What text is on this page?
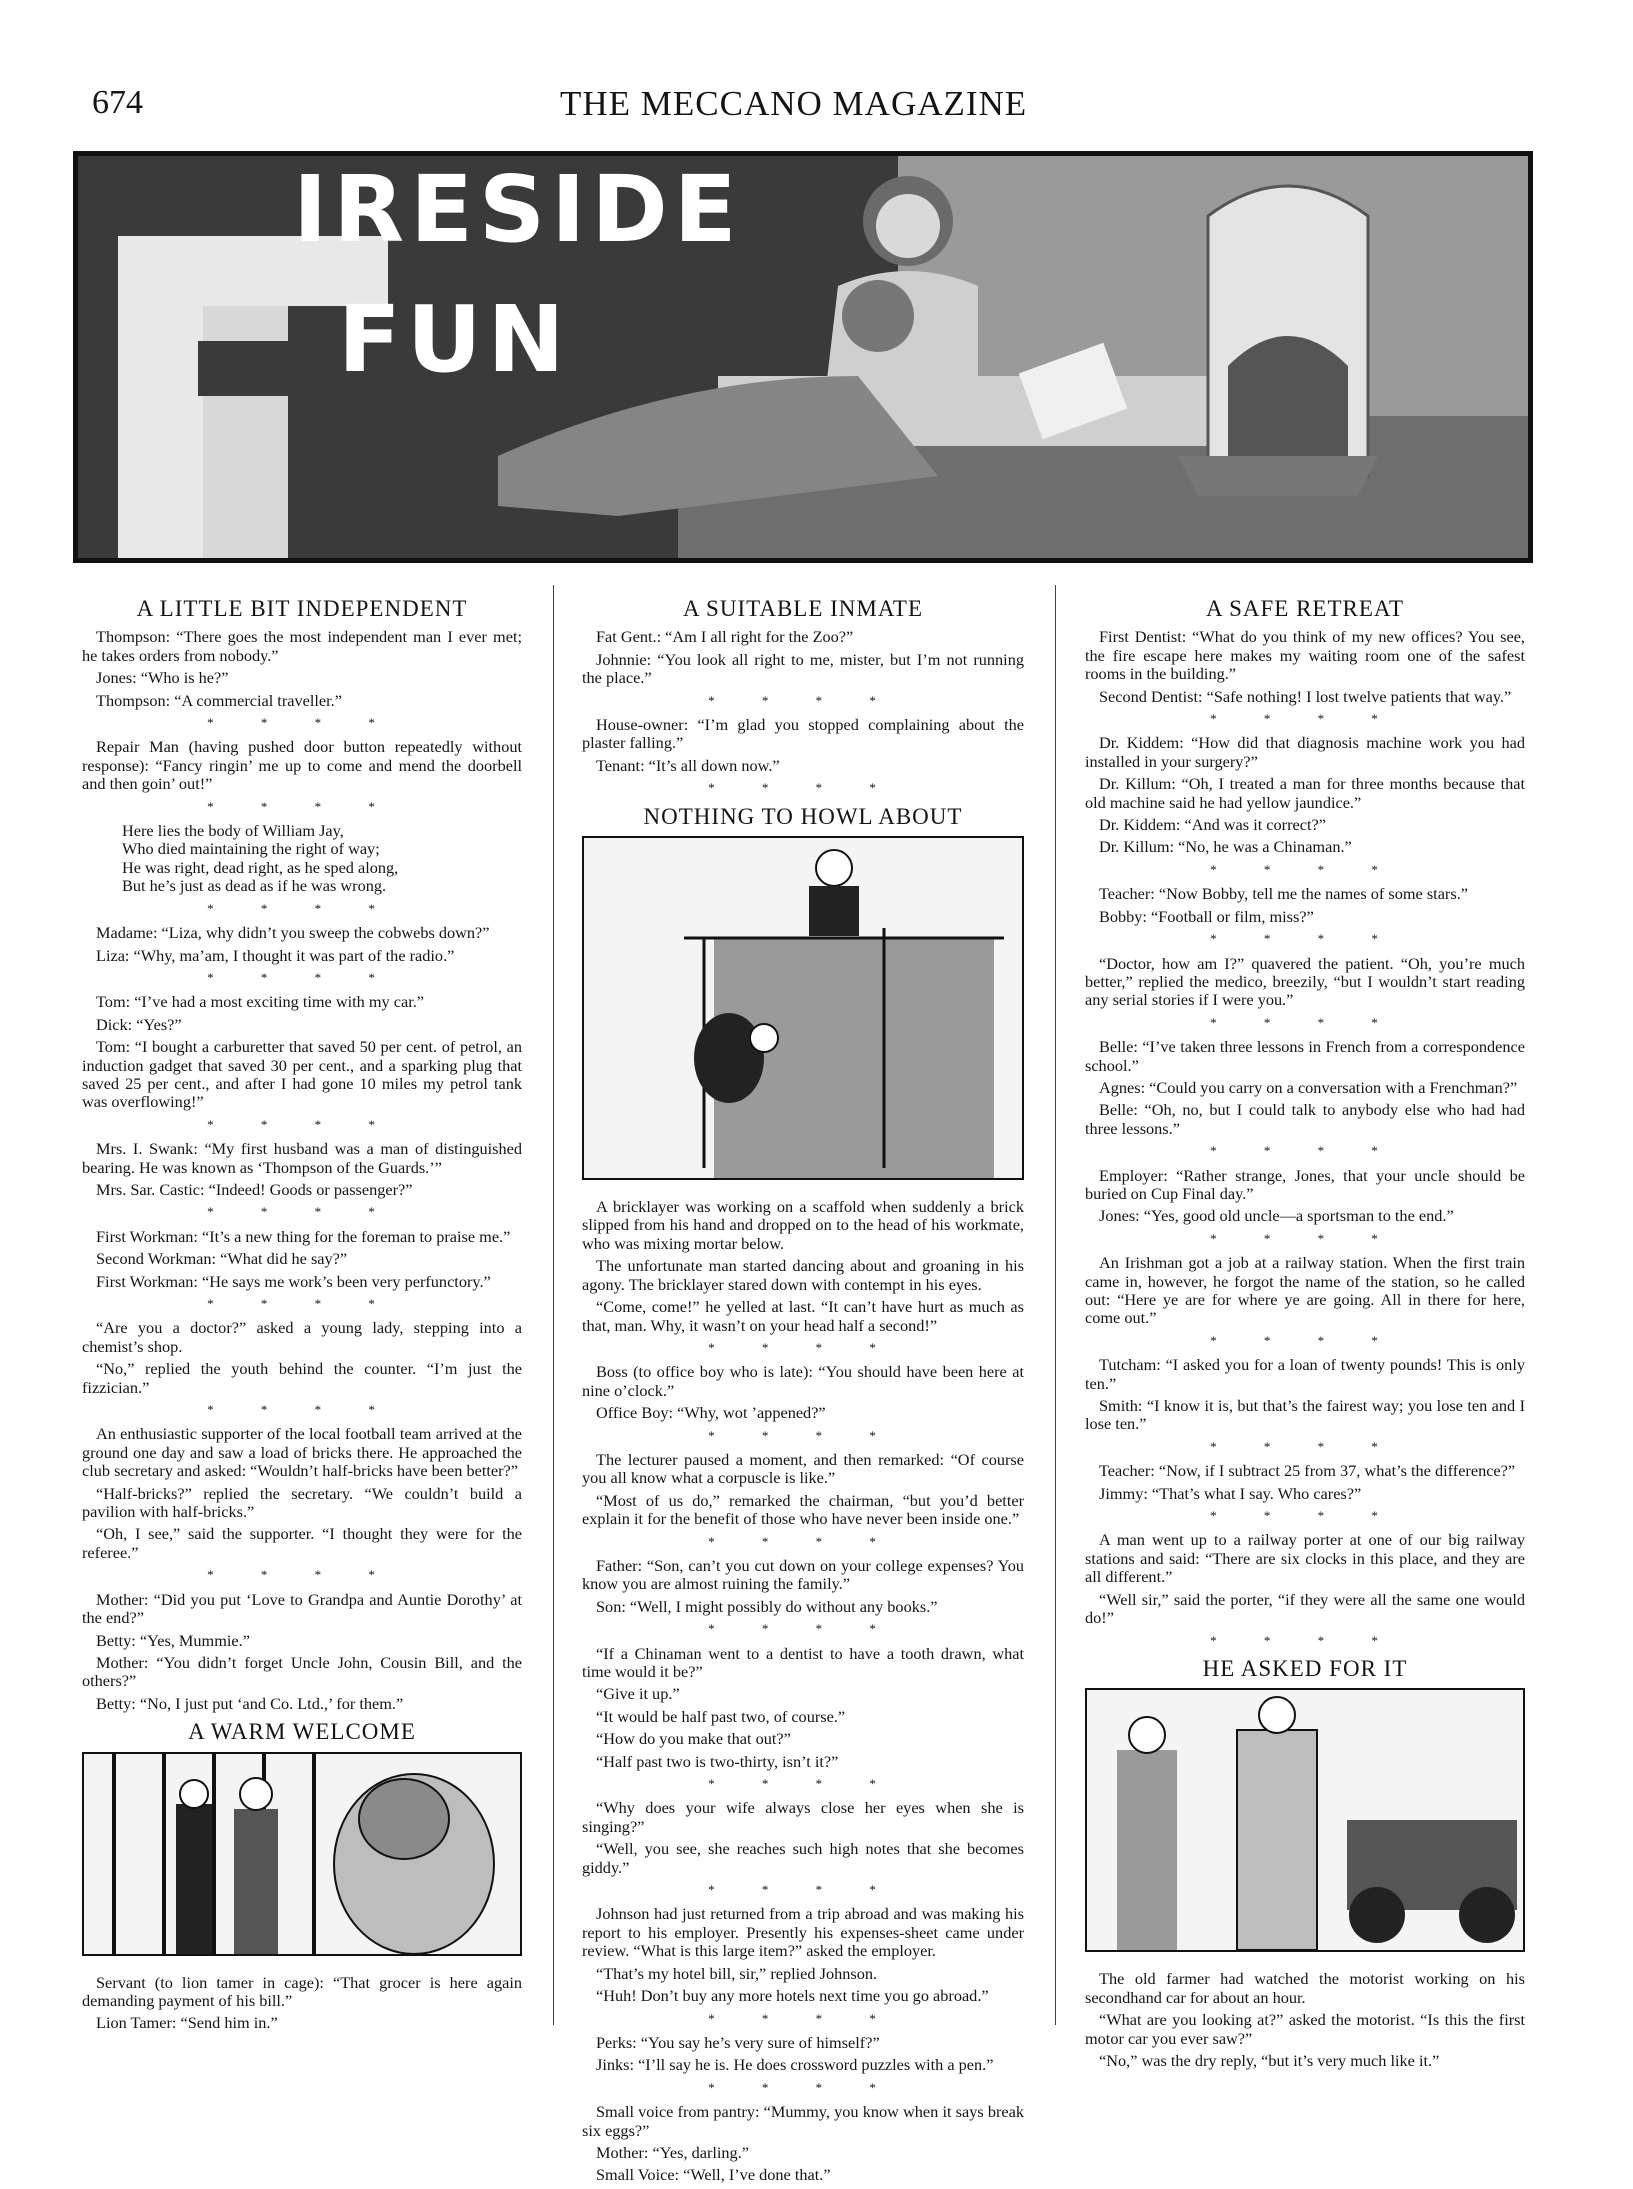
674	THE MECCANO MAGAZINE
IRESIDE
FUN
A LITTLE BIT INDEPENDENT

Thompson: “There goes the most independent man I ever met; he takes orders from nobody.”

Jones: “Who is he?”

Thompson: “A commercial traveller.”

* * * *

Repair Man (having pushed door button repeatedly without response): “Fancy ringin’ me up to come and mend the doorbell and then goin’ out!”

* * * *
Here lies the body of William Jay,
Who died maintaining the right of way;
He was right, dead right, as he sped along,
But he’s just as dead as if he was wrong.
* * * *

Madame: “Liza, why didn’t you sweep the cobwebs down?”

Liza: “Why, ma’am, I thought it was part of the radio.”

* * * *

Tom: “I’ve had a most exciting time with my car.”

Dick: “Yes?”

Tom: “I bought a carburetter that saved 50 per cent. of petrol, an induction gadget that saved 30 per cent., and a sparking plug that saved 25 per cent., and after I had gone 10 miles my petrol tank was overflowing!”

* * * *

Mrs. I. Swank: “My first husband was a man of distinguished bearing. He was known as ‘Thompson of the Guards.’”

Mrs. Sar. Castic: “Indeed! Goods or passenger?”

* * * *

First Workman: “It’s a new thing for the foreman to praise me.”

Second Workman: “What did he say?”

First Workman: “He says me work’s been very perfunctory.”

* * * *

“Are you a doctor?” asked a young lady, stepping into a chemist’s shop.

“No,” replied the youth behind the counter. “I’m just the fizzician.”

* * * *

An enthusiastic supporter of the local football team arrived at the ground one day and saw a load of bricks there. He approached the club secretary and asked: “Wouldn’t half-bricks have been better?”

“Half-bricks?” replied the secretary. “We couldn’t build a pavilion with half-bricks.”

“Oh, I see,” said the supporter. “I thought they were for the referee.”

* * * *

Mother: “Did you put ‘Love to Grandpa and Auntie Dorothy’ at the end?”

Betty: “Yes, Mummie.”

Mother: “You didn’t forget Uncle John, Cousin Bill, and the others?”

Betty: “No, I just put ‘and Co. Ltd.,’ for them.”

A WARM WELCOME

Servant (to lion tamer in cage): “That grocer is here again demanding payment of his bill.”

Lion Tamer: “Send him in.”

A SUITABLE INMATE

Fat Gent.: “Am I all right for the Zoo?”

Johnnie: “You look all right to me, mister, but I’m not running the place.”

* * * *

House-owner: “I’m glad you stopped complaining about the plaster falling.”

Tenant: “It’s all down now.”

* * * *
NOTHING TO HOWL ABOUT

A bricklayer was working on a scaffold when suddenly a brick slipped from his hand and dropped on to the head of his workmate, who was mixing mortar below.

The unfortunate man started dancing about and groaning in his agony. The bricklayer stared down with contempt in his eyes.

“Come, come!” he yelled at last. “It can’t have hurt as much as that, man. Why, it wasn’t on your head half a second!”

* * * *

Boss (to office boy who is late): “You should have been here at nine o’clock.”

Office Boy: “Why, wot ’appened?”

* * * *

The lecturer paused a moment, and then remarked: “Of course you all know what a corpuscle is like.”

“Most of us do,” remarked the chairman, “but you’d better explain it for the benefit of those who have never been inside one.”

* * * *

Father: “Son, can’t you cut down on your college expenses? You know you are almost ruining the family.”

Son: “Well, I might possibly do without any books.”

* * * *

“If a Chinaman went to a dentist to have a tooth drawn, what time would it be?”

“Give it up.”

“It would be half past two, of course.”

“How do you make that out?”

“Half past two is two-thirty, isn’t it?”

* * * *

“Why does your wife always close her eyes when she is singing?”

“Well, you see, she reaches such high notes that she becomes giddy.”

* * * *

Johnson had just returned from a trip abroad and was making his report to his employer. Presently his expenses-sheet came under review. “What is this large item?” asked the employer.

“That’s my hotel bill, sir,” replied Johnson.

“Huh! Don’t buy any more hotels next time you go abroad.”

* * * *

Perks: “You say he’s very sure of himself?”

Jinks: “I’ll say he is. He does crossword puzzles with a pen.”

* * * *

Small voice from pantry: “Mummy, you know when it says break six eggs?”

Mother: “Yes, darling.”

Small Voice: “Well, I’ve done that.”

A SAFE RETREAT

First Dentist: “What do you think of my new offices? You see, the fire escape here makes my waiting room one of the safest rooms in the building.”

Second Dentist: “Safe nothing! I lost twelve patients that way.”

* * * *

Dr. Kiddem: “How did that diagnosis machine work you had installed in your surgery?”

Dr. Killum: “Oh, I treated a man for three months because that old machine said he had yellow jaundice.”

Dr. Kiddem: “And was it correct?”

Dr. Killum: “No, he was a Chinaman.”

* * * *

Teacher: “Now Bobby, tell me the names of some stars.”

Bobby: “Football or film, miss?”

* * * *

“Doctor, how am I?” quavered the patient. “Oh, you’re much better,” replied the medico, breezily, “but I wouldn’t start reading any serial stories if I were you.”

* * * *

Belle: “I’ve taken three lessons in French from a correspondence school.”

Agnes: “Could you carry on a conversation with a Frenchman?”

Belle: “Oh, no, but I could talk to anybody else who had had three lessons.”

* * * *

Employer: “Rather strange, Jones, that your uncle should be buried on Cup Final day.”

Jones: “Yes, good old uncle—a sportsman to the end.”

* * * *

An Irishman got a job at a railway station. When the first train came in, however, he forgot the name of the station, so he called out: “Here ye are for where ye are going. All in there for here, come out.”

* * * *

Tutcham: “I asked you for a loan of twenty pounds! This is only ten.”

Smith: “I know it is, but that’s the fairest way; you lose ten and I lose ten.”

* * * *

Teacher: “Now, if I subtract 25 from 37, what’s the difference?”

Jimmy: “That’s what I say. Who cares?”

* * * *

A man went up to a railway porter at one of our big railway stations and said: “There are six clocks in this place, and they are all different.”

“Well sir,” said the porter, “if they were all the same one would do!”

* * * *
HE ASKED FOR IT

The old farmer had watched the motorist working on his secondhand car for about an hour.

“What are you looking at?” asked the motorist. “Is this the first motor car you ever saw?”

“No,” was the dry reply, “but it’s very much like it.”
